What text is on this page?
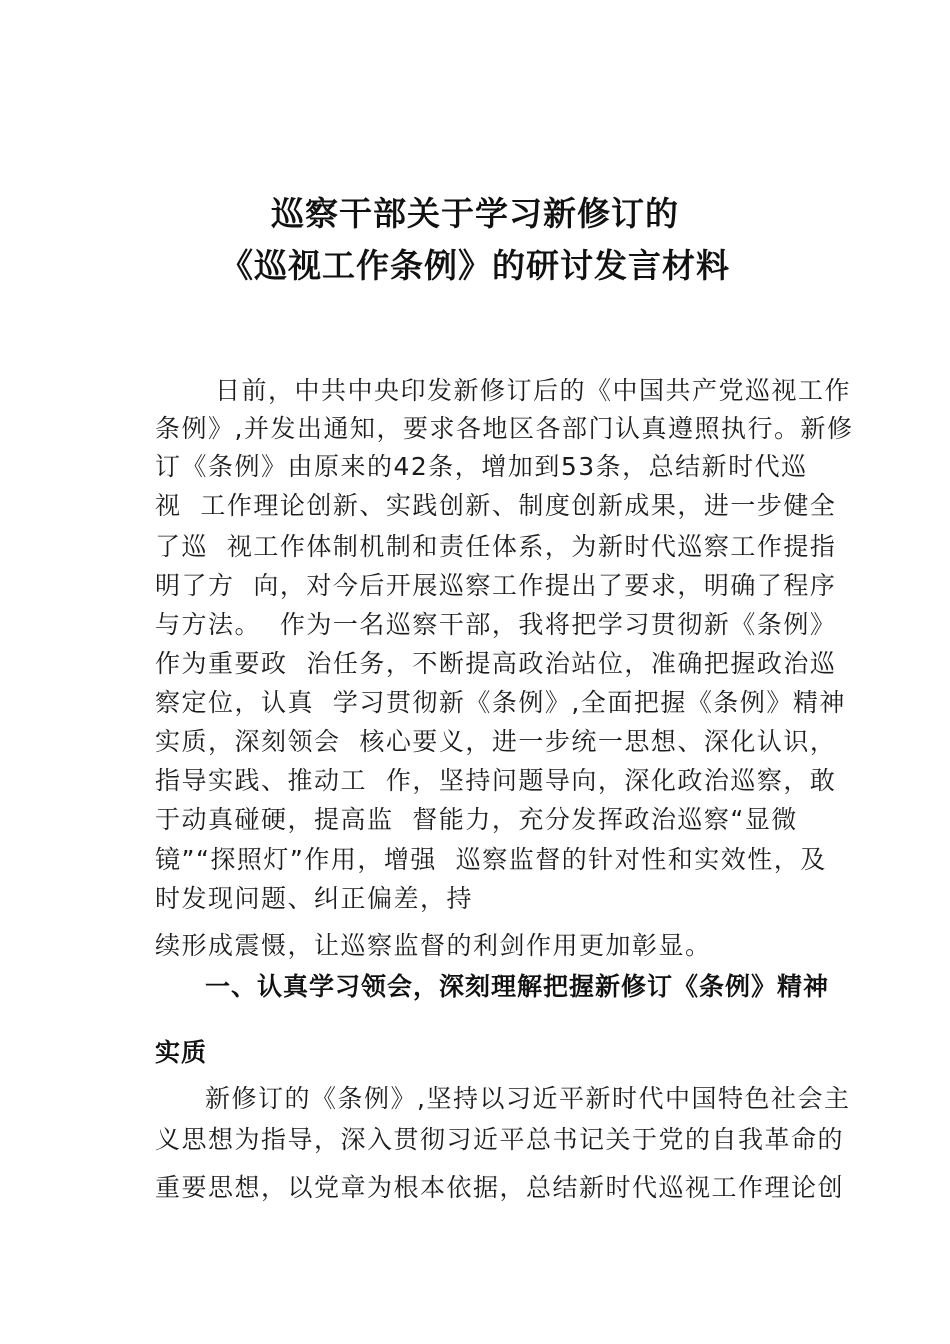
巡察干部关于学习新修订的
《巡视工作条例》的研讨发言材料
日前，中共中央印发新修订后的《中国共产党巡视工作
条例》,并发出通知，要求各地区各部门认真遵照执行。新修
订《条例》由原来的42条，增加到53条，总结新时代巡
视  工作理论创新、实践创新、制度创新成果，进一步健全
了巡  视工作体制机制和责任体系，为新时代巡察工作提指
明了方  向，对今后开展巡察工作提出了要求，明确了程序
与方法。  作为一名巡察干部，我将把学习贯彻新《条例》
作为重要政  治任务，不断提高政治站位，准确把握政治巡
察定位，认真  学习贯彻新《条例》,全面把握《条例》精神
实质，深刻领会  核心要义，进一步统一思想、深化认识，
指导实践、推动工  作，坚持问题导向，深化政治巡察，敢
于动真碰硬，提高监  督能力，充分发挥政治巡察“显微
镜”“探照灯”作用，增强  巡察监督的针对性和实效性，及
时发现问题、纠正偏差，持
续形成震慑，让巡察监督的利剑作用更加彰显。
一、认真学习领会，深刻理解把握新修订《条例》精神
实质
新修订的《条例》,坚持以习近平新时代中国特色社会主
义思想为指导，深入贯彻习近平总书记关于党的自我革命的
重要思想，以党章为根本依据，总结新时代巡视工作理论创
